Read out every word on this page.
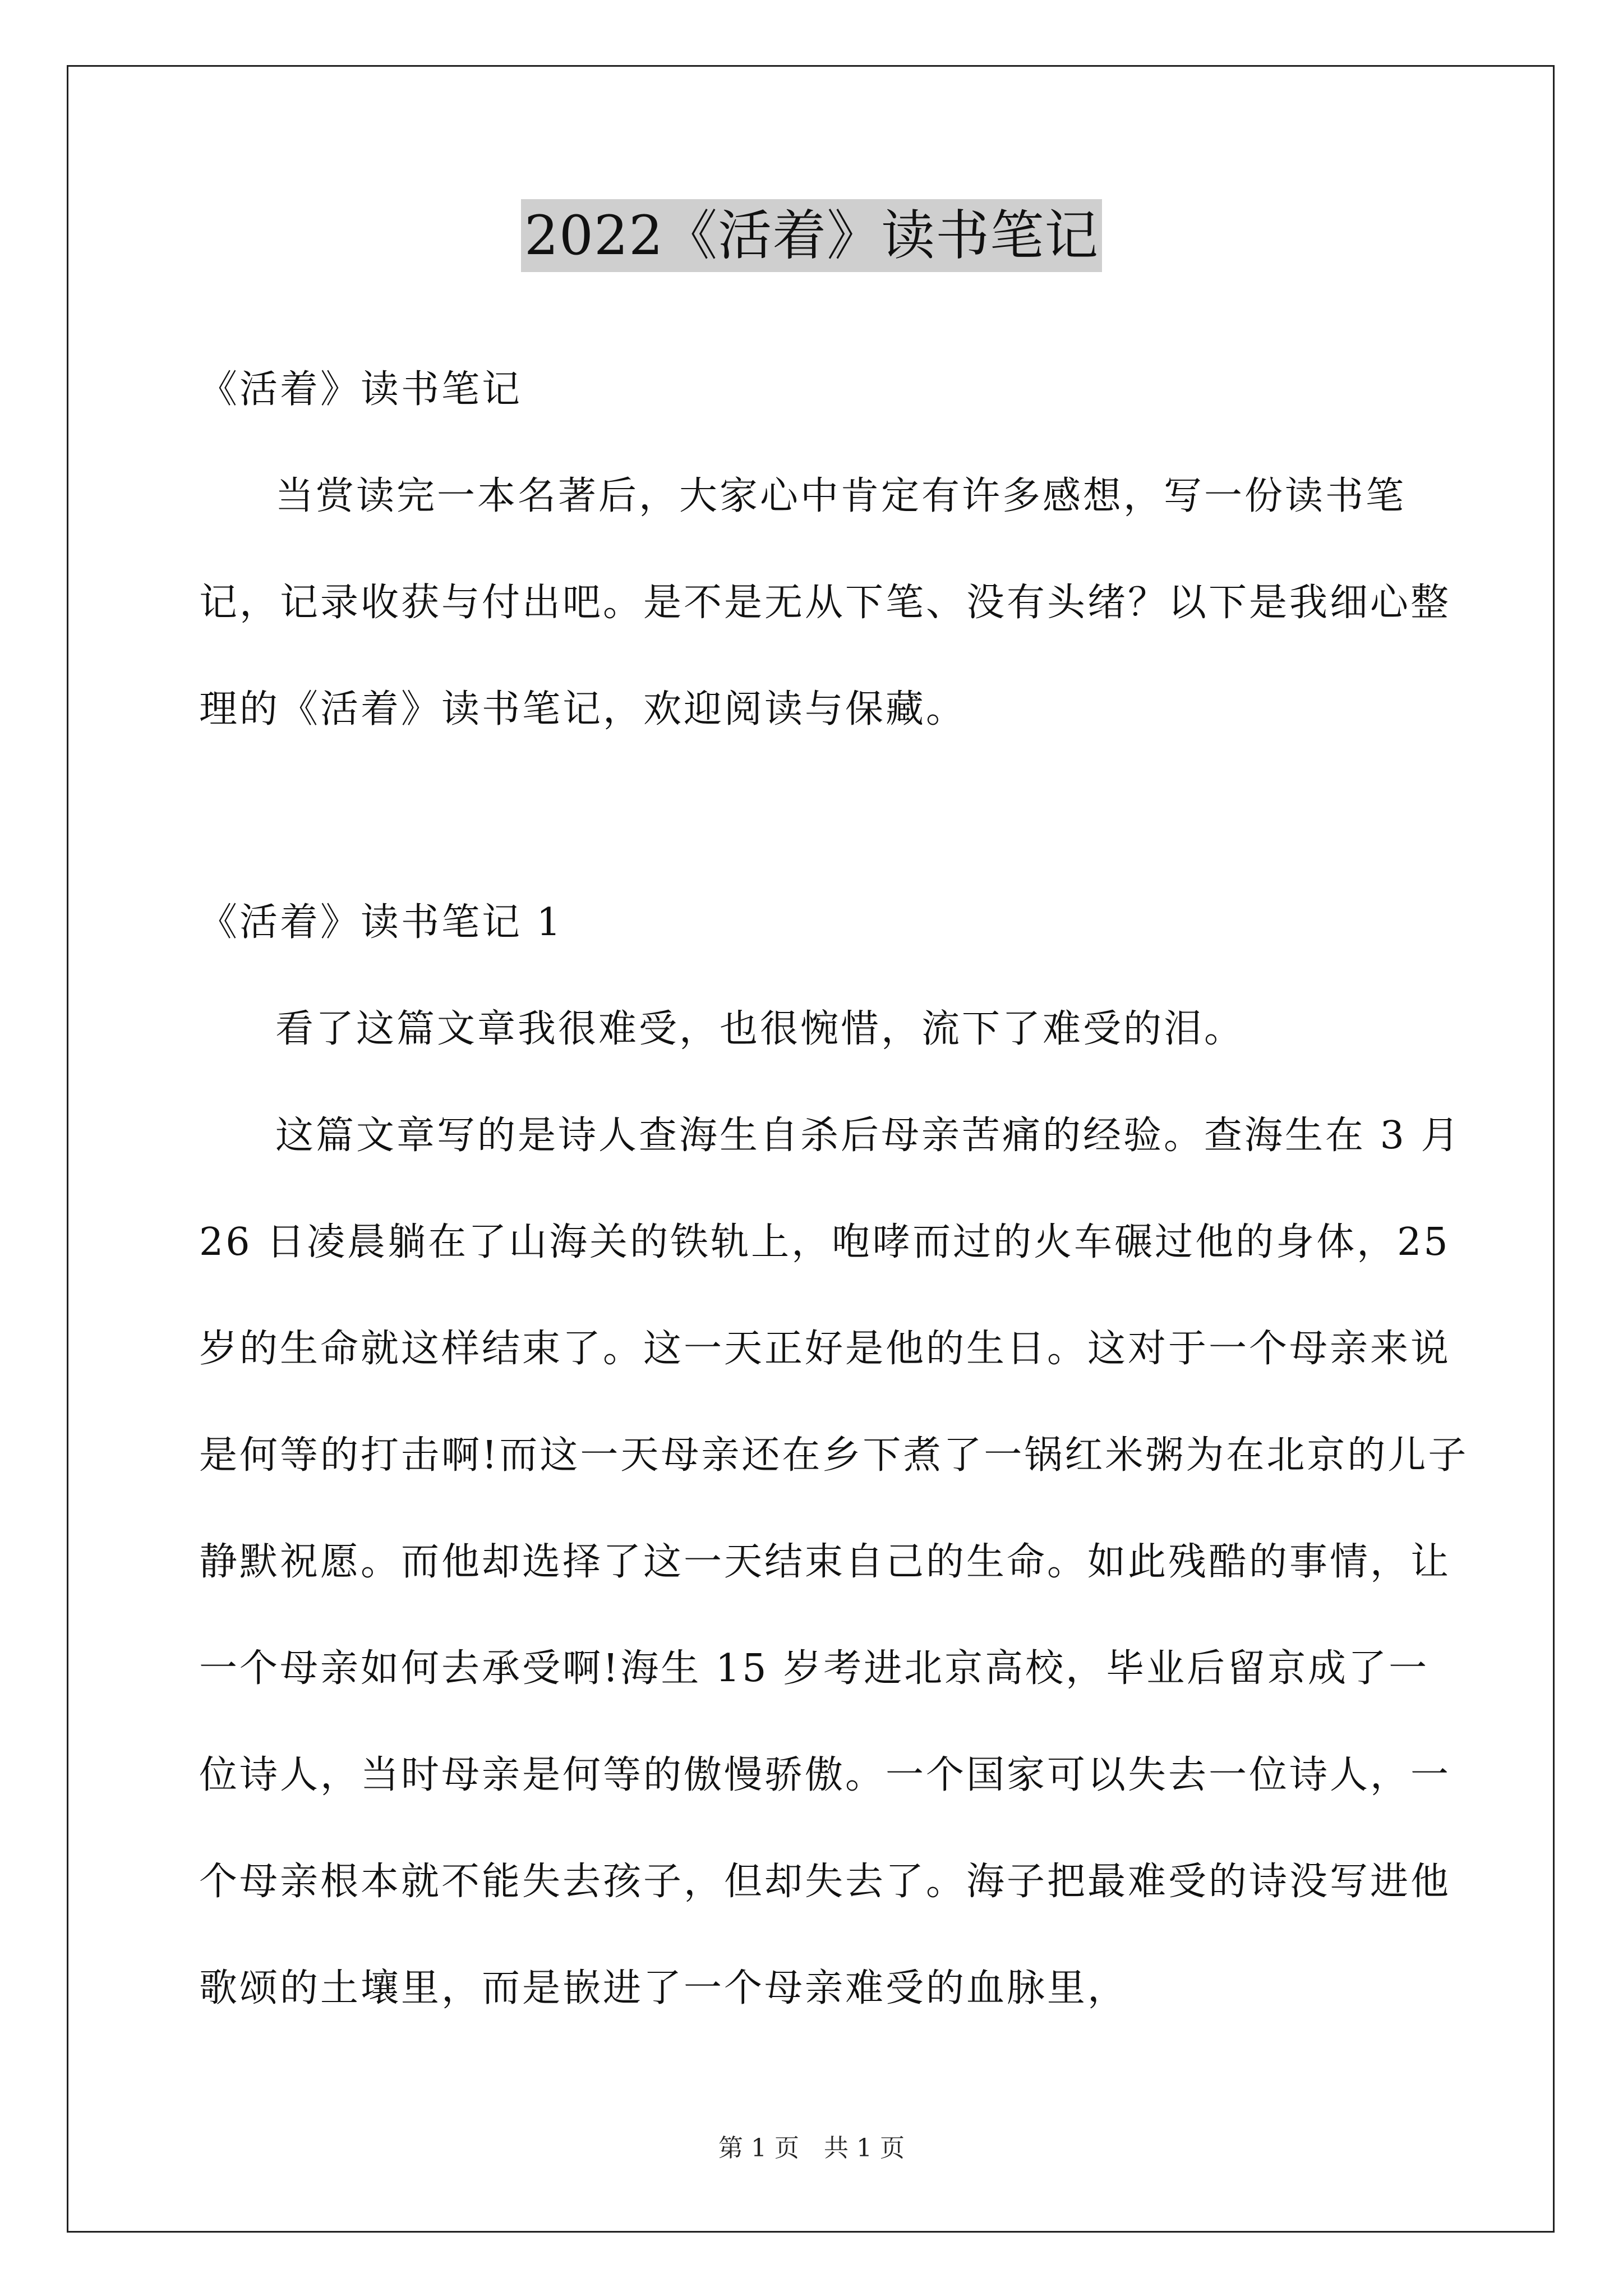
2022《活着》读书笔记

《活着》读书笔记

当赏读完一本名著后，大家心中肯定有许多感想，写一份读书笔记，记录收获与付出吧。是不是无从下笔、没有头绪？以下是我细心整理的《活着》读书笔记，欢迎阅读与保藏。

《活着》读书笔记 1

看了这篇文章我很难受，也很惋惜，流下了难受的泪。

这篇文章写的是诗人查海生自杀后母亲苦痛的经验。查海生在 3 月 26 日凌晨躺在了山海关的铁轨上，咆哮而过的火车碾过他的身体，25 岁的生命就这样结束了。这一天正好是他的生日。这对于一个母亲来说是何等的打击啊!而这一天母亲还在乡下煮了一锅红米粥为在北京的儿子静默祝愿。而他却选择了这一天结束自己的生命。如此残酷的事情，让一个母亲如何去承受啊!海生 15 岁考进北京高校，毕业后留京成了一位诗人，当时母亲是何等的傲慢骄傲。一个国家可以失去一位诗人，一个母亲根本就不能失去孩子，但却失去了。海子把最难受的诗没写进他歌颂的土壤里，而是嵌进了一个母亲难受的血脉里，

第 1 页　共 1 页
